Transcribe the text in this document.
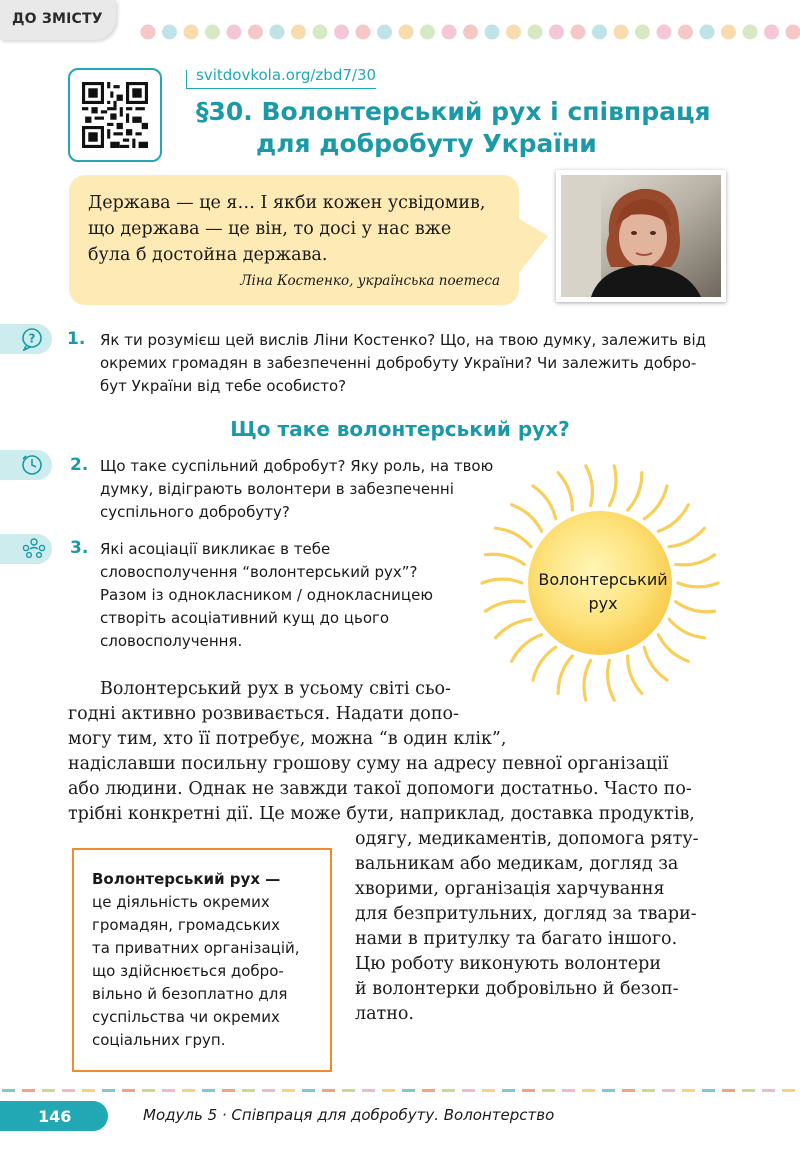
ДО ЗМІСТУ
svitdovkola.org/zbd7/30
§30. Волонтерський рух і співпраця
для добробуту України
Держава — це я… І якби кожен усвідомив,
що держава — це він, то досі у нас вже
була б достойна держава.
Ліна Костенко, українська поетеса
? 1. Як ти розумієш цей вислів Ліни Костенко? Що, на твою думку, залежить від
окремих громадян в забезпеченні добробуту України? Чи залежить добро-
бут України від тебе особисто?
Що таке волонтерський рух?
2. Що таке суспільний добробут? Яку роль, на твою
думку, відіграють волонтери в забезпеченні
суспільного добробуту?
3. Які асоціації викликає в тебе
словосполучення “волонтерський рух”?
Разом із однокласником / однокласницею
створіть асоціативний кущ до цього
словосполучення.
Волонтерський
рух
Волонтерський рух в усьому світі сьо-
годні активно розвивається. Надати допо-
могу тим, хто її потребує, можна “в один клік”,
надіславши посильну грошову суму на адресу певної організації
або людини. Однак не завжди такої допомоги достатньо. Часто по-
трібні конкретні дії. Це може бути, наприклад, доставка продуктів,
одягу, медикаментів, допомога ряту-
вальникам або медикам, догляд за
хворими, організація харчування
для безпритульних, догляд за твари-
нами в притулку та багато іншого.
Цю роботу виконують волонтери
й волонтерки добровільно й безоп-
латно.
Волонтерський рух —
це діяльність окремих
громадян, громадських
та приватних організацій,
що здійснюється добро-
вільно й безоплатно для
суспільства чи окремих
соціальних груп.
146	Модуль 5 · Співпраця для добробуту. Волонтерство
